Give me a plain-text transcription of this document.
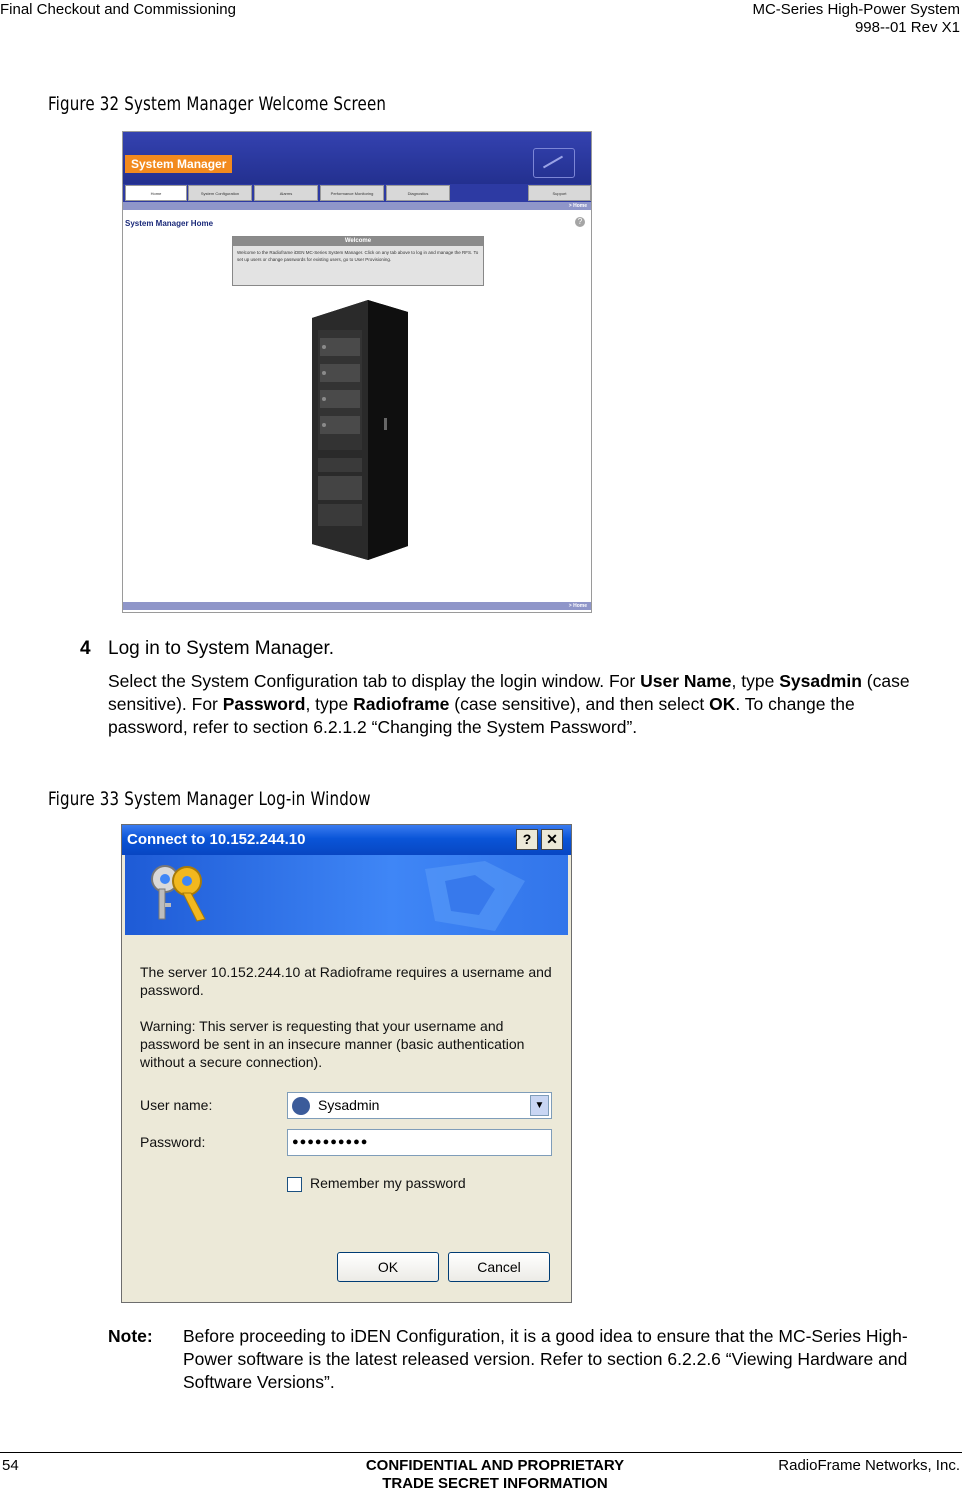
Final Checkout and Commissioning	MC-Series High-Power System
998--01 Rev X1
Figure 32 System Manager Welcome Screen
System Manager
Home	System Configuration	Alarms	Performance Monitoring	Diagnostics	Support
> Home
System Manager Home	?
Welcome
Welcome to the Radioframe iDEN MC-Series System Manager. Click on any tab above to log in and manage the RFS. To set up users or change passwords for existing users, go to User Provisioning.
> Home
4 Log in to System Manager.
Select the System Configuration tab to display the login window. For User Name, type Sysadmin (case sensitive). For Password, type Radioframe (case sensitive), and then select OK. To change the password, refer to section 6.2.1.2 “Changing the System Password”.
Figure 33 System Manager Log-in Window
Connect to 10.152.244.10	?	✕
The server 10.152.244.10 at Radioframe requires a username and password.
Warning: This server is requesting that your username and password be sent in an insecure manner (basic authentication without a secure connection).
User name:	Sysadmin	▼
Password:	●●●●●●●●●●
Remember my password
OK	Cancel
Note: Before proceeding to iDEN Configuration, it is a good idea to ensure that the MC-Series High-Power software is the latest released version. Refer to section 6.2.2.6 “Viewing Hardware and Software Versions”.
54	CONFIDENTIAL AND PROPRIETARY
TRADE SECRET INFORMATION
RadioFrame Networks, Inc.
